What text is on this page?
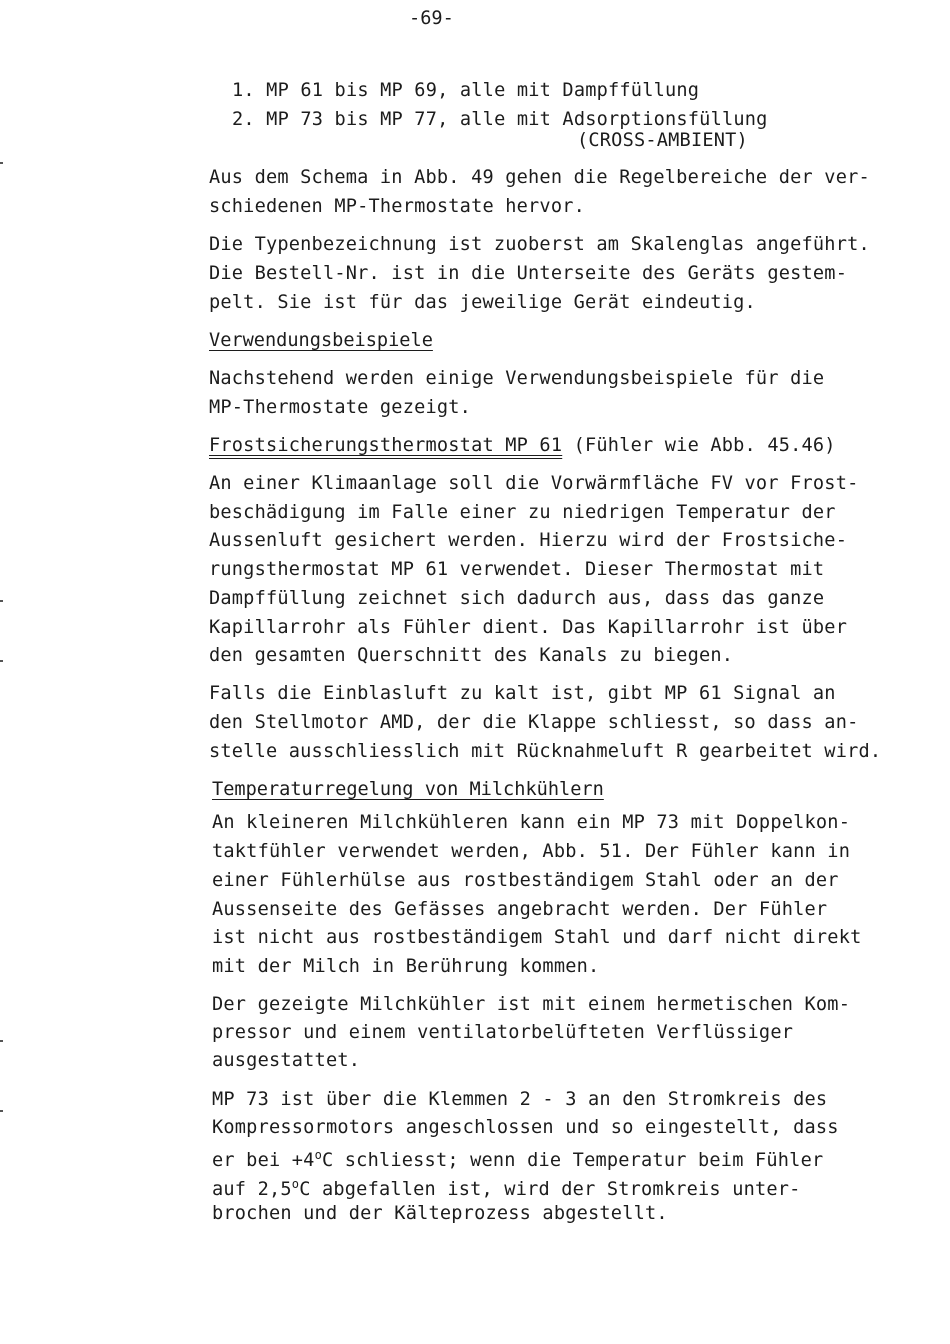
-69-
1. MP 61 bis MP 69, alle mit Dampffüllung
2. MP 73 bis MP 77, alle mit Adsorptionsfüllung
(CROSS-AMBIENT)
Aus dem Schema in Abb. 49 gehen die Regelbereiche der ver-
schiedenen MP-Thermostate hervor.
Die Typenbezeichnung ist zuoberst am Skalenglas angeführt.
Die Bestell-Nr. ist in die Unterseite des Geräts gestem-
pelt. Sie ist für das jeweilige Gerät eindeutig.
Verwendungsbeispiele
Nachstehend werden einige Verwendungsbeispiele für die
MP-Thermostate gezeigt.
Frostsicherungsthermostat MP 61 (Fühler wie Abb. 45.46)
An einer Klimaanlage soll die Vorwärmfläche FV vor Frost-
beschädigung im Falle einer zu niedrigen Temperatur der
Aussenluft gesichert werden. Hierzu wird der Frostsiche-
rungsthermostat MP 61 verwendet. Dieser Thermostat mit
Dampffüllung zeichnet sich dadurch aus, dass das ganze
Kapillarrohr als Fühler dient. Das Kapillarrohr ist über
den gesamten Querschnitt des Kanals zu biegen.
Falls die Einblasluft zu kalt ist, gibt MP 61 Signal an
den Stellmotor AMD, der die Klappe schliesst, so dass an-
stelle ausschliesslich mit Rücknahmeluft R gearbeitet wird.
Temperaturregelung von Milchkühlern
An kleineren Milchkühleren kann ein MP 73 mit Doppelkon-
taktfühler verwendet werden, Abb. 51. Der Fühler kann in
einer Fühlerhülse aus rostbeständigem Stahl oder an der
Aussenseite des Gefässes angebracht werden. Der Fühler
ist nicht aus rostbeständigem Stahl und darf nicht direkt
mit der Milch in Berührung kommen.
Der gezeigte Milchkühler ist mit einem hermetischen Kom-
pressor und einem ventilatorbelüfteten Verflüssiger
ausgestattet.
MP 73 ist über die Klemmen 2 - 3 an den Stromkreis des
Kompressormotors angeschlossen und so eingestellt, dass
er bei $+4^oC$ schliesst; wenn die Temperatur beim Fühler
auf 2,5$^o$C abgefallen ist, wird der Stromkreis unter-
brochen und der Kälteprozess abgestellt.
